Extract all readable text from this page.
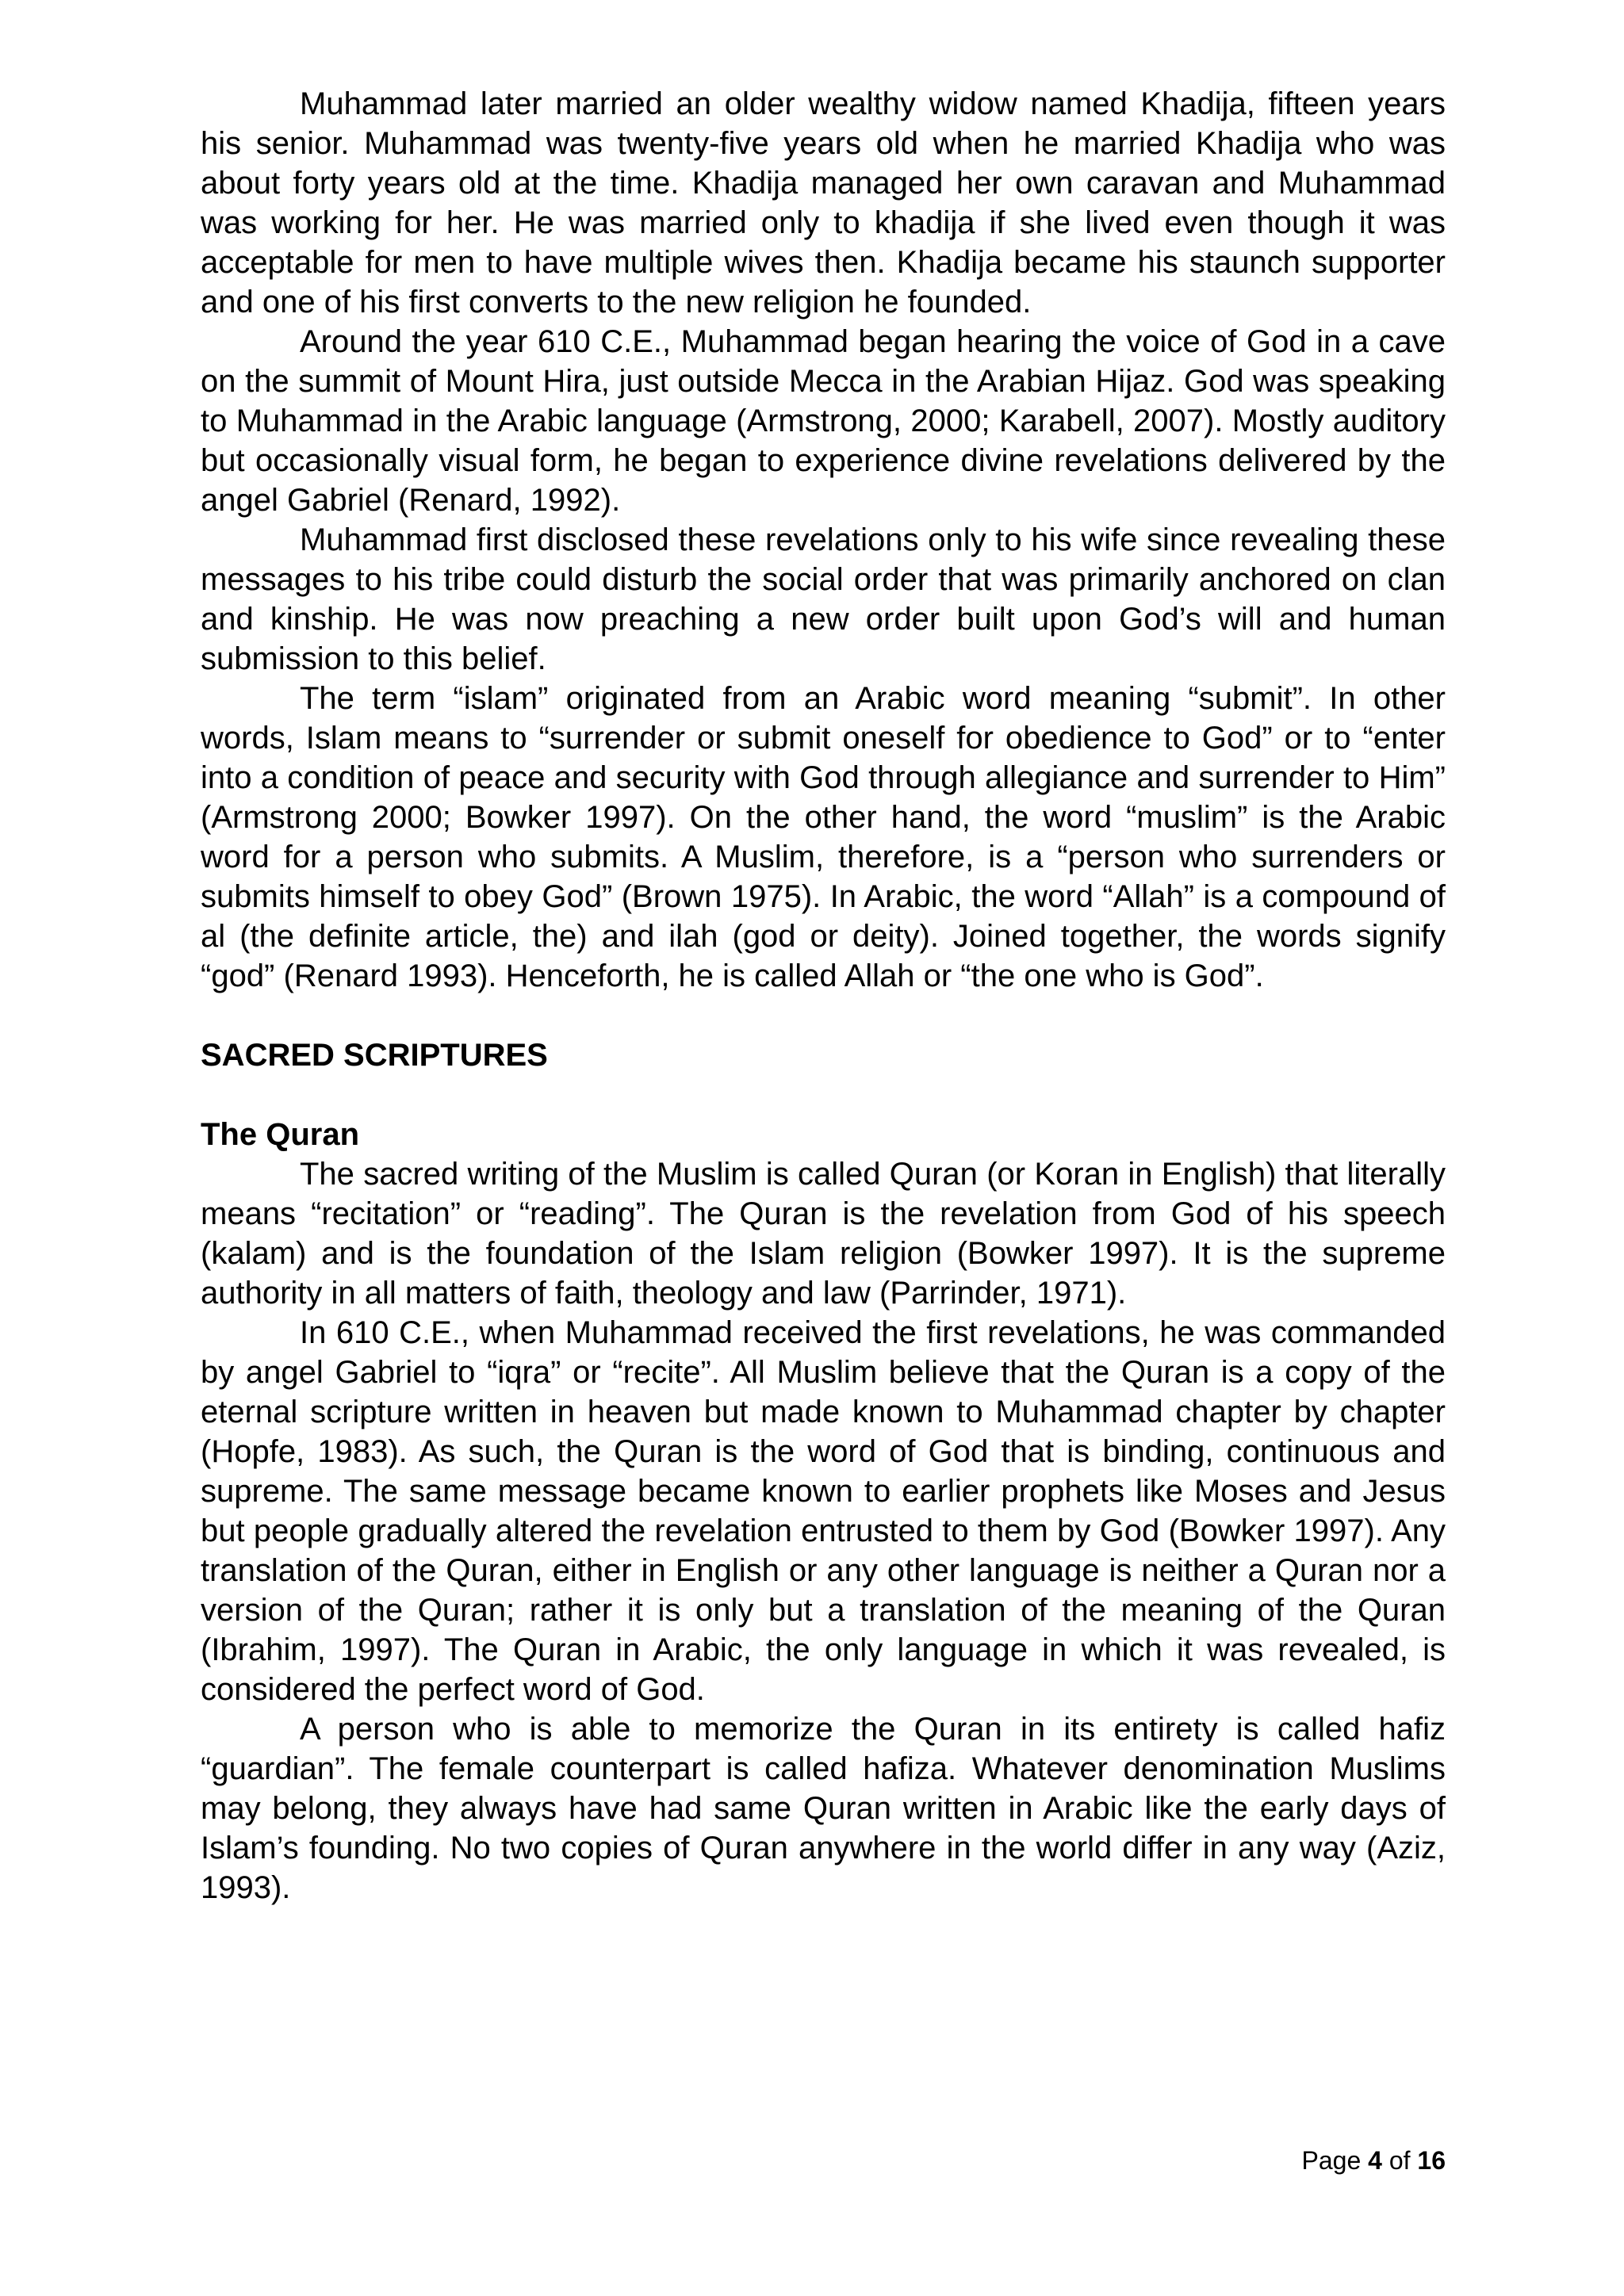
Muhammad later married an older wealthy widow named Khadija, fifteen years his senior. Muhammad was twenty-five years old when he married Khadija who was about forty years old at the time. Khadija managed her own caravan and Muhammad was working for her. He was married only to khadija if she lived even though it was acceptable for men to have multiple wives then. Khadija became his staunch supporter and one of his first converts to the new religion he founded.

Around the year 610 C.E., Muhammad began hearing the voice of God in a cave on the summit of Mount Hira, just outside Mecca in the Arabian Hijaz. God was speaking to Muhammad in the Arabic language (Armstrong, 2000; Karabell, 2007). Mostly auditory but occasionally visual form, he began to experience divine revelations delivered by the angel Gabriel (Renard, 1992).

Muhammad first disclosed these revelations only to his wife since revealing these messages to his tribe could disturb the social order that was primarily anchored on clan and kinship. He was now preaching a new order built upon God’s will and human submission to this belief.

The term “islam” originated from an Arabic word meaning “submit”. In other words, Islam means to “surrender or submit oneself for obedience to God” or to “enter into a condition of peace and security with God through allegiance and surrender to Him” (Armstrong 2000; Bowker 1997). On the other hand, the word “muslim” is the Arabic word for a person who submits. A Muslim, therefore, is a “person who surrenders or submits himself to obey God” (Brown 1975). In Arabic, the word “Allah” is a compound of al (the definite article, the) and ilah (god or deity). Joined together, the words signify “god” (Renard 1993). Henceforth, he is called Allah or “the one who is God”.

SACRED SCRIPTURES

The Quran

The sacred writing of the Muslim is called Quran (or Koran in English) that literally means “recitation” or “reading”. The Quran is the revelation from God of his speech (kalam) and is the foundation of the Islam religion (Bowker 1997). It is the supreme authority in all matters of faith, theology and law (Parrinder, 1971).

In 610 C.E., when Muhammad received the first revelations, he was commanded by angel Gabriel to “iqra” or “recite”. All Muslim believe that the Quran is a copy of the eternal scripture written in heaven but made known to Muhammad chapter by chapter (Hopfe, 1983). As such, the Quran is the word of God that is binding, continuous and supreme. The same message became known to earlier prophets like Moses and Jesus but people gradually altered the revelation entrusted to them by God (Bowker 1997). Any translation of the Quran, either in English or any other language is neither a Quran nor a version of the Quran; rather it is only but a translation of the meaning of the Quran (Ibrahim, 1997). The Quran in Arabic, the only language in which it was revealed, is considered the perfect word of God.

A person who is able to memorize the Quran in its entirety is called hafiz “guardian”. The female counterpart is called hafiza. Whatever denomination Muslims may belong, they always have had same Quran written in Arabic like the early days of Islam’s founding. No two copies of Quran anywhere in the world differ in any way (Aziz, 1993).

Page 4 of 16
